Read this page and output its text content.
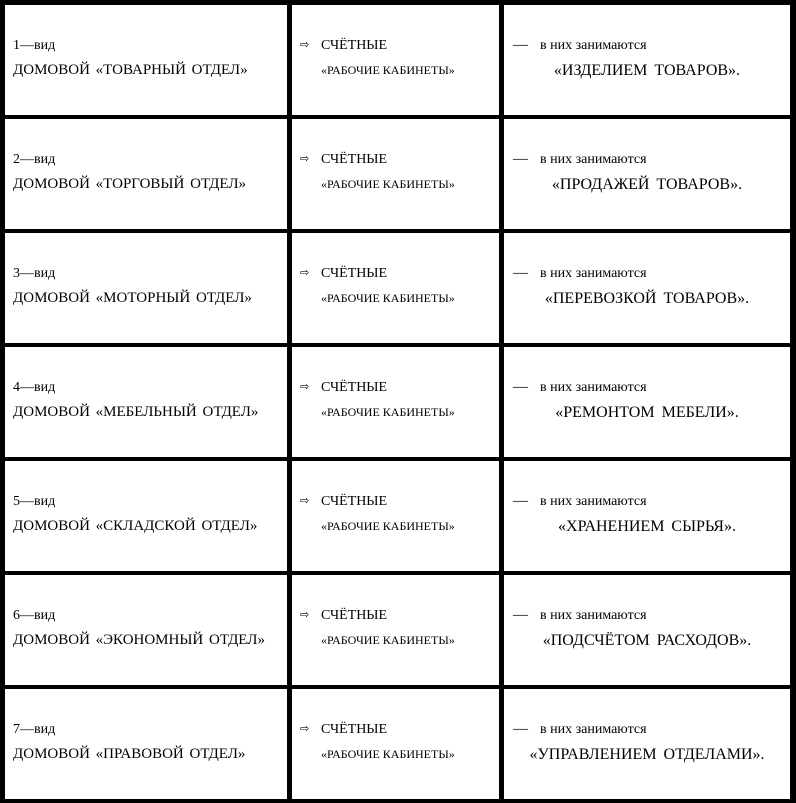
1—вид
ДОМОВОЙ «ТОВАРНЫЙ ОТДЕЛ»
⇨ СЧЁТНЫЕ
«РАБОЧИЕ КАБИНЕТЫ»
— в них занимаются
«ИЗДЕЛИЕМ ТОВАРОВ».
2—вид
ДОМОВОЙ «ТОРГОВЫЙ ОТДЕЛ»
⇨ СЧЁТНЫЕ
«РАБОЧИЕ КАБИНЕТЫ»
— в них занимаются
«ПРОДАЖЕЙ ТОВАРОВ».
3—вид
ДОМОВОЙ «МОТОРНЫЙ ОТДЕЛ»
⇨ СЧЁТНЫЕ
«РАБОЧИЕ КАБИНЕТЫ»
— в них занимаются
«ПЕРЕВОЗКОЙ ТОВАРОВ».
4—вид
ДОМОВОЙ «МЕБЕЛЬНЫЙ ОТДЕЛ»
⇨ СЧЁТНЫЕ
«РАБОЧИЕ КАБИНЕТЫ»
— в них занимаются
«РЕМОНТОМ МЕБЕЛИ».
5—вид
ДОМОВОЙ «СКЛАДСКОЙ ОТДЕЛ»
⇨ СЧЁТНЫЕ
«РАБОЧИЕ КАБИНЕТЫ»
— в них занимаются
«ХРАНЕНИЕМ СЫРЬЯ».
6—вид
ДОМОВОЙ «ЭКОНОМНЫЙ ОТДЕЛ»
⇨ СЧЁТНЫЕ
«РАБОЧИЕ КАБИНЕТЫ»
— в них занимаются
«ПОДСЧЁТОМ РАСХОДОВ».
7—вид
ДОМОВОЙ «ПРАВОВОЙ ОТДЕЛ»
⇨ СЧЁТНЫЕ
«РАБОЧИЕ КАБИНЕТЫ»
— в них занимаются
«УПРАВЛЕНИЕМ ОТДЕЛАМИ».
